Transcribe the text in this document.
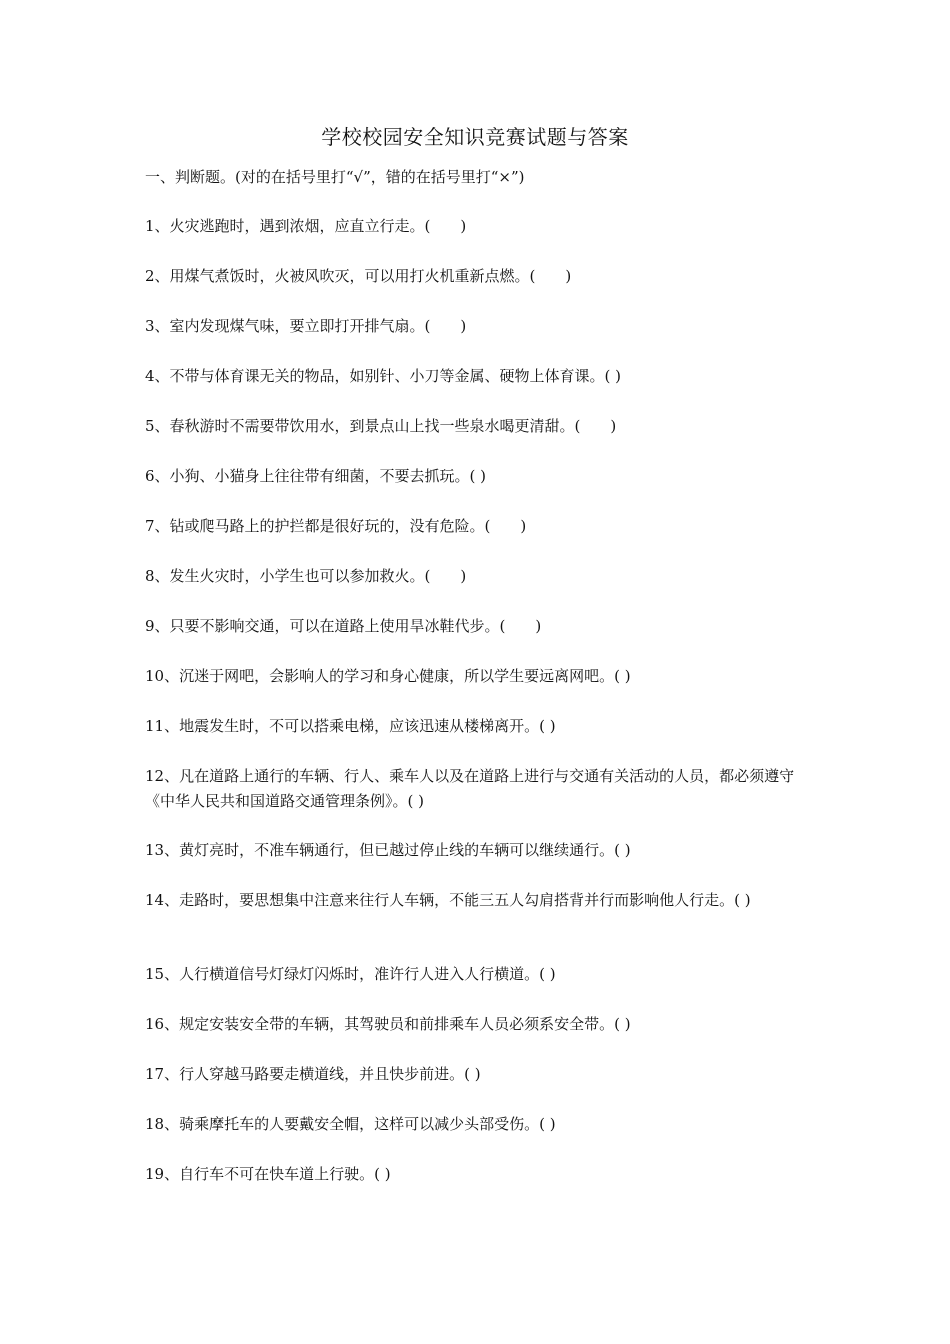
学校校园安全知识竞赛试题与答案
一、判断题。(对的在括号里打“√”，错的在括号里打“×”)
1、火灾逃跑时，遇到浓烟，应直立行走。(　　)
2、用煤气煮饭时，火被风吹灭，可以用打火机重新点燃。(　　)
3、室内发现煤气味，要立即打开排气扇。(　　)
4、不带与体育课无关的物品，如别针、小刀等金属、硬物上体育课。( )
5、春秋游时不需要带饮用水，到景点山上找一些泉水喝更清甜。(　　)
6、小狗、小猫身上往往带有细菌，不要去抓玩。( )
7、钻或爬马路上的护拦都是很好玩的，没有危险。(　　)
8、发生火灾时，小学生也可以参加救火。(　　)
9、只要不影响交通，可以在道路上使用旱冰鞋代步。(　　)
10、沉迷于网吧，会影响人的学习和身心健康，所以学生要远离网吧。( )
11、地震发生时，不可以搭乘电梯，应该迅速从楼梯离开。( )
12、凡在道路上通行的车辆、行人、乘车人以及在道路上进行与交通有关活动的人员，都必须遵守《中华人民共和国道路交通管理条例》。( )
13、黄灯亮时，不准车辆通行，但已越过停止线的车辆可以继续通行。( )
14、走路时，要思想集中注意来往行人车辆，不能三五人勾肩搭背并行而影响他人行走。( )
15、人行横道信号灯绿灯闪烁时，准许行人进入人行横道。( )
16、规定安装安全带的车辆，其驾驶员和前排乘车人员必须系安全带。( )
17、行人穿越马路要走横道线，并且快步前进。( )
18、骑乘摩托车的人要戴安全帽，这样可以减少头部受伤。( )
19、自行车不可在快车道上行驶。( )
